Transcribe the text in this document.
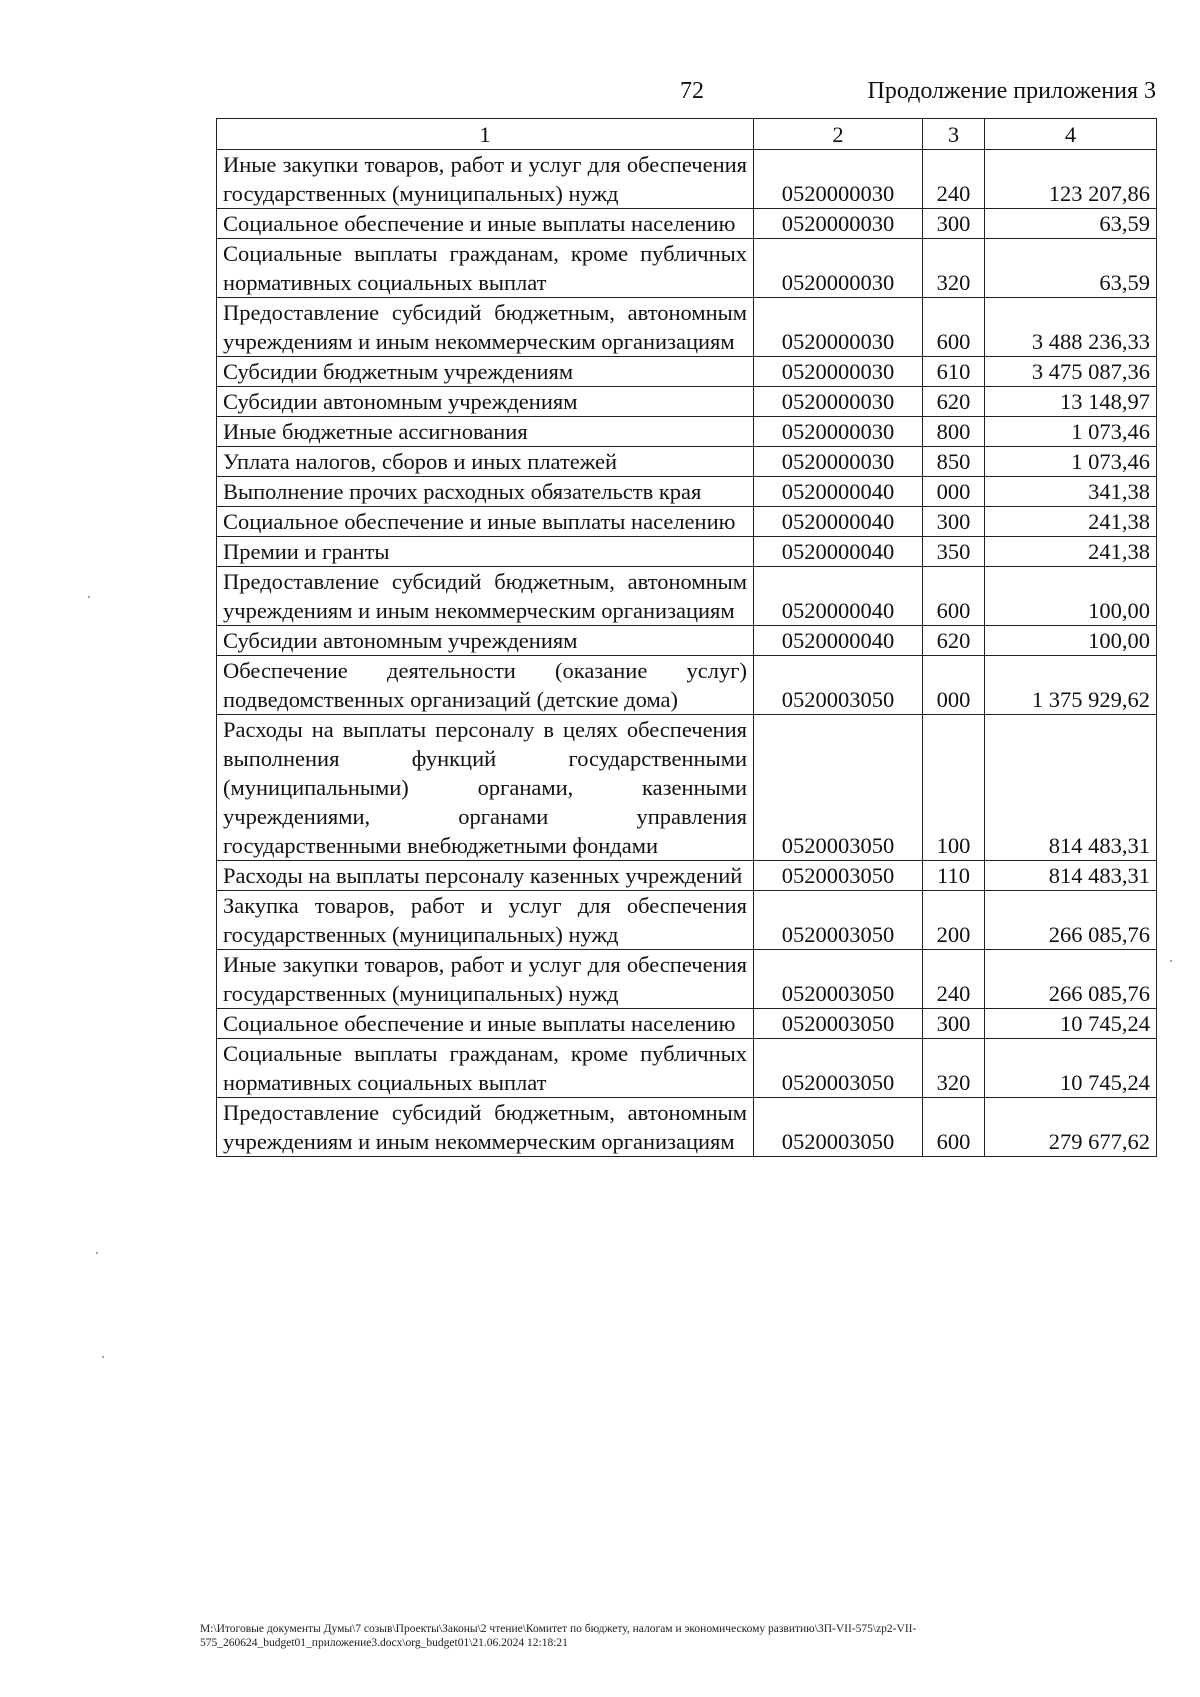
72	Продолжение приложения 3
1	2	3	4
Иные закупки товаров, работ и услуг для обеспечения государственных (муниципальных) нужд	0520000030	240	123 207,86
Социальное обеспечение и иные выплаты населению	0520000030	300	63,59
Социальные выплаты гражданам, кроме публичных нормативных социальных выплат	0520000030	320	63,59
Предоставление субсидий бюджетным, автономным учреждениям и иным некоммерческим организациям	0520000030	600	3 488 236,33
Субсидии бюджетным учреждениям	0520000030	610	3 475 087,36
Субсидии автономным учреждениям	0520000030	620	13 148,97
Иные бюджетные ассигнования	0520000030	800	1 073,46
Уплата налогов, сборов и иных платежей	0520000030	850	1 073,46
Выполнение прочих расходных обязательств края	0520000040	000	341,38
Социальное обеспечение и иные выплаты населению	0520000040	300	241,38
Премии и гранты	0520000040	350	241,38
Предоставление субсидий бюджетным, автономным учреждениям и иным некоммерческим организациям	0520000040	600	100,00
Субсидии автономным учреждениям	0520000040	620	100,00
Обеспечение деятельности (оказание услуг) подведомственных организаций (детские дома)	0520003050	000	1 375 929,62
Расходы на выплаты персоналу в целях обеспечения выполнения функций государственными (муниципальными) органами, казенными учреждениями, органами управления государственными внебюджетными фондами	0520003050	100	814 483,31
Расходы на выплаты персоналу казенных учреждений	0520003050	110	814 483,31
Закупка товаров, работ и услуг для обеспечения государственных (муниципальных) нужд	0520003050	200	266 085,76
Иные закупки товаров, работ и услуг для обеспечения государственных (муниципальных) нужд	0520003050	240	266 085,76
Социальное обеспечение и иные выплаты населению	0520003050	300	10 745,24
Социальные выплаты гражданам, кроме публичных нормативных социальных выплат	0520003050	320	10 745,24
Предоставление субсидий бюджетным, автономным учреждениям и иным некоммерческим организациям	0520003050	600	279 677,62
М:\Итоговые документы Думы\7 созыв\Проекты\Законы\2 чтение\Комитет по бюджету, налогам и экономическому развитию\3П-VII-575\zp2-VII-575_260624_budget01_приложение3.docx\org_budget01\21.06.2024 12:18:21
